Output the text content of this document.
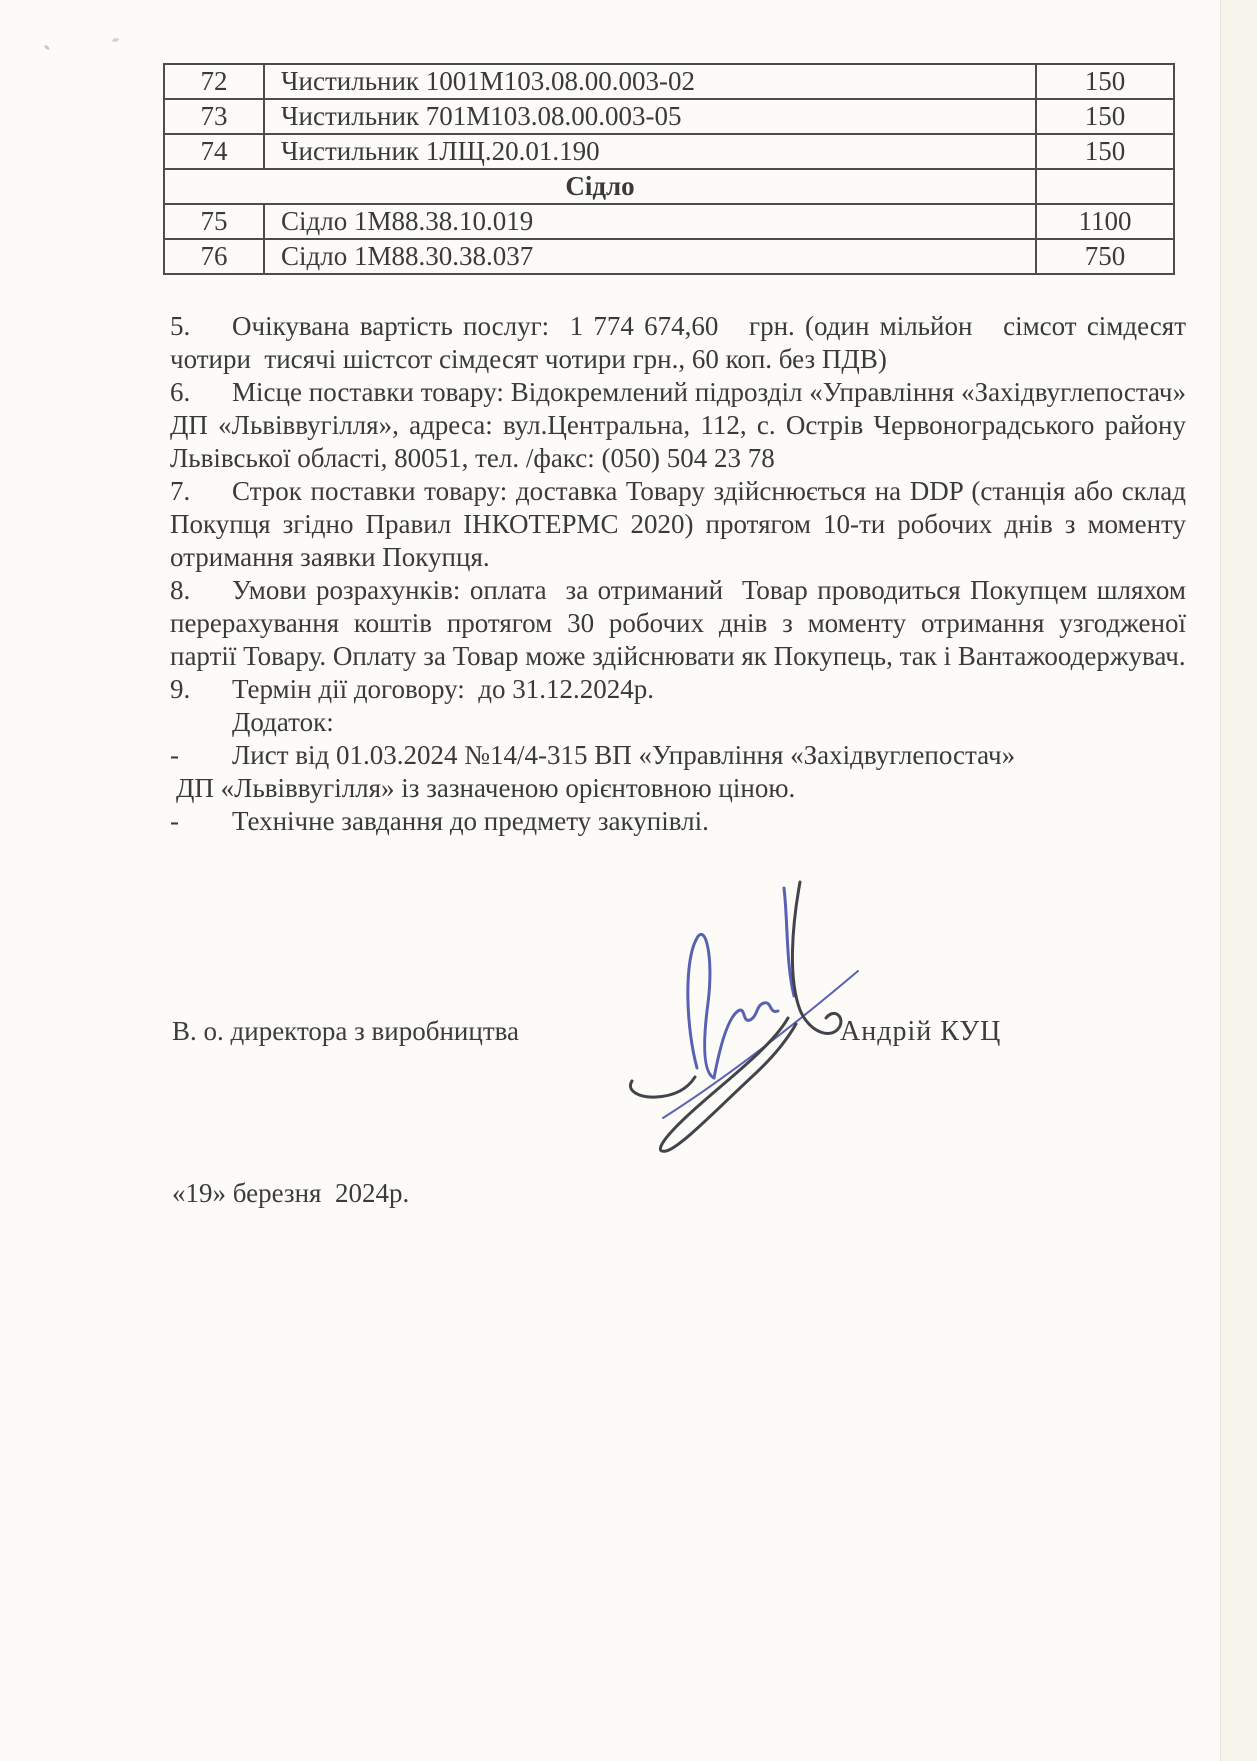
72	Чистильник 1001М103.08.00.003-02	150
73	Чистильник 701М103.08.00.003-05	150
74	Чистильник 1ЛЩ.20.01.190	150
Сідло		
75	Сідло 1М88.38.10.019	1100
76	Сідло 1М88.30.38.037	750

5. Очікувана вартість послуг:  1 774 674,60   грн. (один мільйон   сімсот сімдесят чотири  тисячі шістсот сімдесят чотири грн., 60 коп. без ПДВ)

6. Місце поставки товару: Відокремлений підрозділ «Управління «Західвуглепостач» ДП «Львіввугілля», адреса: вул.Центральна, 112, с. Острів Червоноградського району Львівської області, 80051, тел. /факс: (050) 504 23 78

7. Строк поставки товару: доставка Товару здійснюється на DDP (станція або склад Покупця згідно Правил ІНКОТЕРМС 2020) протягом 10-ти робочих днів з моменту отримання заявки Покупця.

8. Умови розрахунків: оплата  за отриманий  Товар проводиться Покупцем шляхом перерахування коштів протягом 30 робочих днів з моменту отримання узгодженої партії Товару. Оплату за Товар може здійснювати як Покупець, так і Вантажоодержувач.

9. Термін дії договору:  до 31.12.2024р.

Додаток:

- Лист від 01.03.2024 №14/4-315 ВП «Управління «Західвуглепостач»

ДП «Львіввугілля» із зазначеною орієнтовною ціною.

- Технічне завдання до предмету закупівлі.

В. о. директора з виробництва	Андрій КУЦ
«19» березня  2024р.
